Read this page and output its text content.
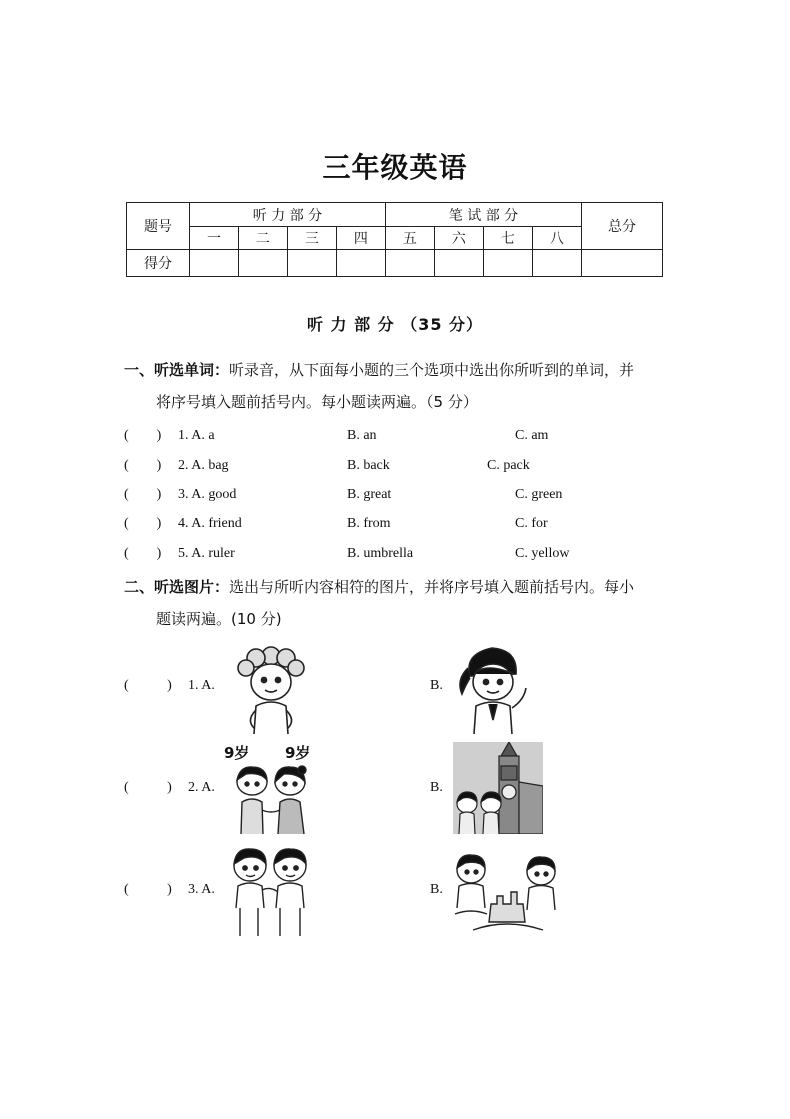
三年级英语
题号	听 力 部 分				笔 试 部 分				总分
	一	二	三	四	五	六	七	八	
得分									
听 力 部 分 （35 分）
一、听选单词：听录音，从下面每小题的三个选项中选出你所听到的单词，并
将序号填入题前括号内。每小题读两遍。（5 分）
(        ) 1. A. a	B. an	C. am
(        ) 2. A. bag	B. back	C. pack
(        ) 3. A. good	B. great	C. green
(        ) 4. A. friend	B. from	C. for
(        ) 5. A. ruler	B. umbrella	C. yellow
二、听选图片：选出与所听内容相符的图片，并将序号填入题前括号内。每小
题读两遍。(10 分)
(           ) 1. A.	B.
(           ) 2. A.	B.
9岁 9岁
(           ) 3. A.	B.
